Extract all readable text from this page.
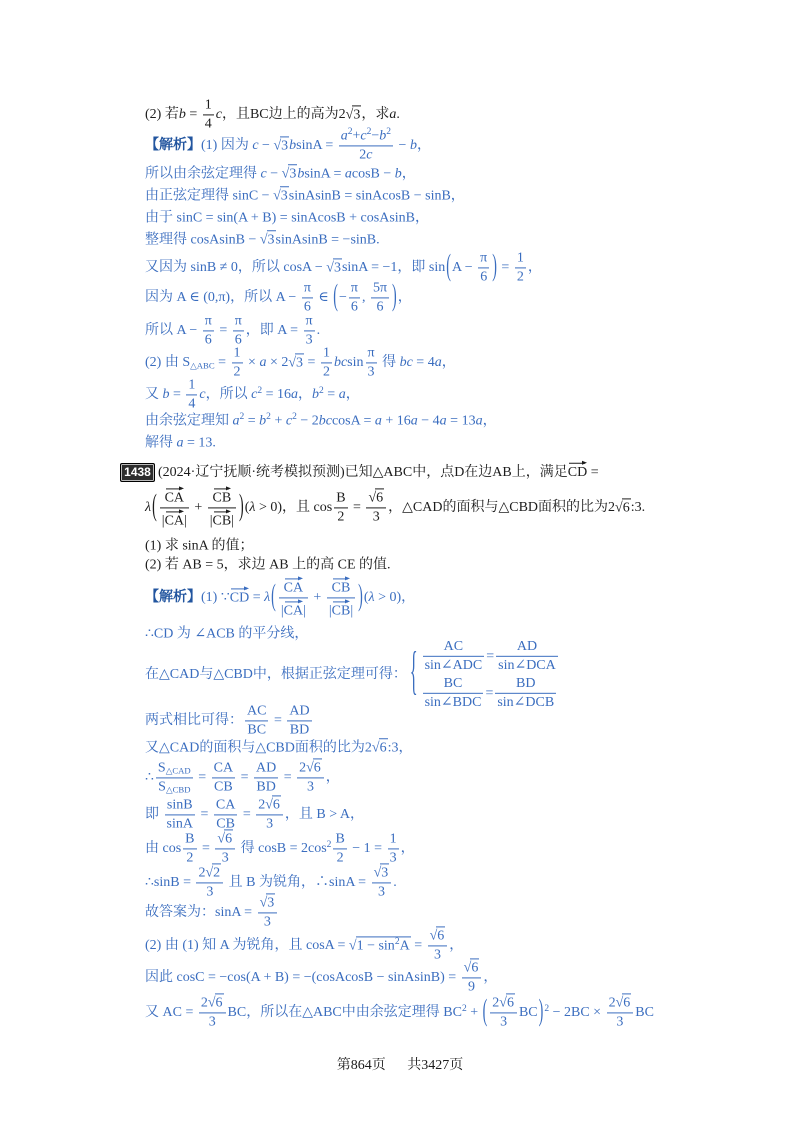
(2) 若$b = \frac{1}{4}$ c，且BC边上的高为2√ 3，求a.
【解析】(1) 因为 c − √ $3bsinA = \frac{a^2+c^2-b^2}{2c} - b$，
所以由余弦定理得 c − √ 3bsinA = acosB − b，
由正弦定理得 sinC − √ 3sinAsinB = sinAcosB − sinB，
由于 sinC = sin(A + B) = sinAcosB + cosAsinB，
整理得 cosAsinB − √ 3sinAsinB = −sinB.
又因为 sinB ≠ 0，所以 cosA − √ 3sinA = −1，即 $\sin(A - \frac{\pi}{6}$ ) = $\frac{1}{2}$ ，
因为 A ∈ (0,π)，所以 $A - \frac{\pi}{6}$ ∈ (− $\frac{\pi}{6}$ , $\frac{5\pi}{6}$ )，
所以 $A - \frac{\pi}{6} = \frac{\pi}{6}$ ，即 $A = \frac{\pi}{3}$ .
(2) 由 S△ABC = $\frac{1}{2} \times a \times 2√$ $3 = \frac{1}{2}$ bcsin $\frac{\pi}{3}$ 得 bc = 4a，
又 $b = \frac{1}{4}$ c，所以 $c^2 = 16a$，$b^2 = a$，
由余弦定理知 $a^2 = b^2 + c^2 - 2bccosA = a + 16a - 4a = 13a$，
解得 a = 13.
1438 (2024·辽宁抚顺·统考模拟预测)已知△ABC中，点D在边AB上，满足CD =
$\lambda( \frac{CA}{|CA|} + \frac{CB}{|CB|} )(\lambda > 0)$，且 $\cos \frac{B}{2}$ =
√ $\frac{6}{3}$ ，△CAD的面积与△CBD面积的比为2√ 6:3.
(1) 求 sinA 的值；
(2) 若 AB = 5，求边 AB 上的高 CE 的值.
【解析】(1) ∵CD = $\lambda( \frac{CA}{|CA|} + \frac{CB}{|CB|} )(\lambda > 0)$，
∴CD 为 ∠ACB 的平分线，
在△CAD与△CBD中，根据正弦定理可得： { $\frac{AC}{\text{sin∠ADC}} = \frac{AD}{\text{sin∠DCA}}$
$\frac{BC}{\text{sin∠BDC}} = \frac{BD}{\text{sin∠DCB}}$
两式相比可得： $\frac{AC}{BC} = \frac{AD}{BD}$
又△CAD的面积与△CBD面积的比为2√ 6:3，
∴ $\frac{\text{S△CAD}}{\text{S△CBD}} = \frac{CA}{CB} = \frac{AD}{BD} = \frac{2√ 6}{3}$ ，
即 $\frac{\sin B}{\sin A} = \frac{CA}{CB} = \frac{2√ 6}{3}$ ，且 B > A，
由 $\cos \frac{B}{2}$ =
√ $\frac{6}{3}$ 得 $\cos B = 2\cos^2 \frac{B}{2} - 1 = \frac{1}{3}$ ，
∴sinB = $\frac{2√ 2}{3}$ 且 B 为锐角，∴sinA =
√ $\frac{3}{3}$ .
故答案为：sinA =
√ $\frac{3}{3}$
(2) 由 (1) 知 A 为锐角，且 cosA = √ $1 - \sin^2A$ =
√ $\frac{6}{3}$ ，
因此 cosC = −cos(A + B) = −(cosAcosB − sinAsinB) =
√ $\frac{6}{9}$ ，
又 AC = $\frac{2√ 6}{3}$ BC，所以在△ABC中由余弦定理得 $BC^2$ + ( $\frac{2√ 6}{3} BC)^2 - 2BC \times \frac{2√ 6}{3}$ BC
第864页 共3427页
